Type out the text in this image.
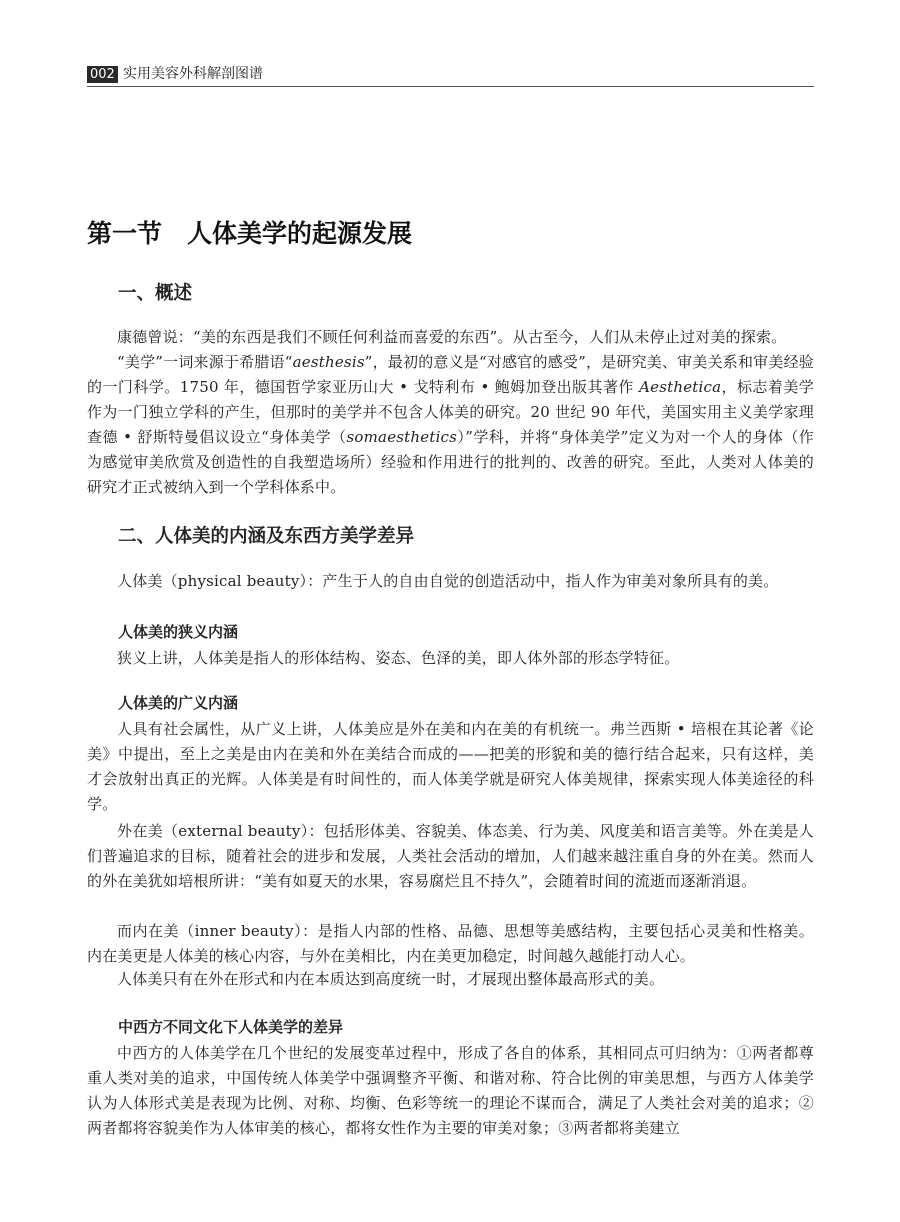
002 实用美容外科解剖图谱
第一节　人体美学的起源发展
一、概述

康德曾说：“美的东西是我们不顾任何利益而喜爱的东西”。从古至今，人们从未停止过对美的探索。

“美学”一词来源于希腊语“aesthesis”，最初的意义是“对感官的感受”，是研究美、审美关系和审美经验的一门科学。1750 年，德国哲学家亚历山大 • 戈特利布 • 鲍姆加登出版其著作 Aesthetica，标志着美学作为一门独立学科的产生，但那时的美学并不包含人体美的研究。20 世纪 90 年代，美国实用主义美学家理查德 • 舒斯特曼倡议设立“身体美学（somaesthetics）”学科，并将“身体美学”定义为对一个人的身体（作为感觉审美欣赏及创造性的自我塑造场所）经验和作用进行的批判的、改善的研究。至此，人类对人体美的研究才正式被纳入到一个学科体系中。

二、人体美的内涵及东西方美学差异

人体美（physical beauty）：产生于人的自由自觉的创造活动中，指人作为审美对象所具有的美。

人体美的狭义内涵

狭义上讲，人体美是指人的形体结构、姿态、色泽的美，即人体外部的形态学特征。

人体美的广义内涵

人具有社会属性，从广义上讲，人体美应是外在美和内在美的有机统一。弗兰西斯 • 培根在其论著《论美》中提出，至上之美是由内在美和外在美结合而成的——把美的形貌和美的德行结合起来，只有这样，美才会放射出真正的光辉。人体美是有时间性的，而人体美学就是研究人体美规律，探索实现人体美途径的科学。

外在美（external beauty）：包括形体美、容貌美、体态美、行为美、风度美和语言美等。外在美是人们普遍追求的目标，随着社会的进步和发展，人类社会活动的增加，人们越来越注重自身的外在美。然而人的外在美犹如培根所讲：“美有如夏天的水果，容易腐烂且不持久”，会随着时间的流逝而逐渐消退。

而内在美（inner beauty）：是指人内部的性格、品德、思想等美感结构，主要包括心灵美和性格美。内在美更是人体美的核心内容，与外在美相比，内在美更加稳定，时间越久越能打动人心。

人体美只有在外在形式和内在本质达到高度统一时，才展现出整体最高形式的美。

中西方不同文化下人体美学的差异

中西方的人体美学在几个世纪的发展变革过程中，形成了各自的体系，其相同点可归纳为：①两者都尊重人类对美的追求，中国传统人体美学中强调整齐平衡、和谐对称、符合比例的审美思想，与西方人体美学认为人体形式美是表现为比例、对称、均衡、色彩等统一的理论不谋而合，满足了人类社会对美的追求；②两者都将容貌美作为人体审美的核心，都将女性作为主要的审美对象；③两者都将美建立
